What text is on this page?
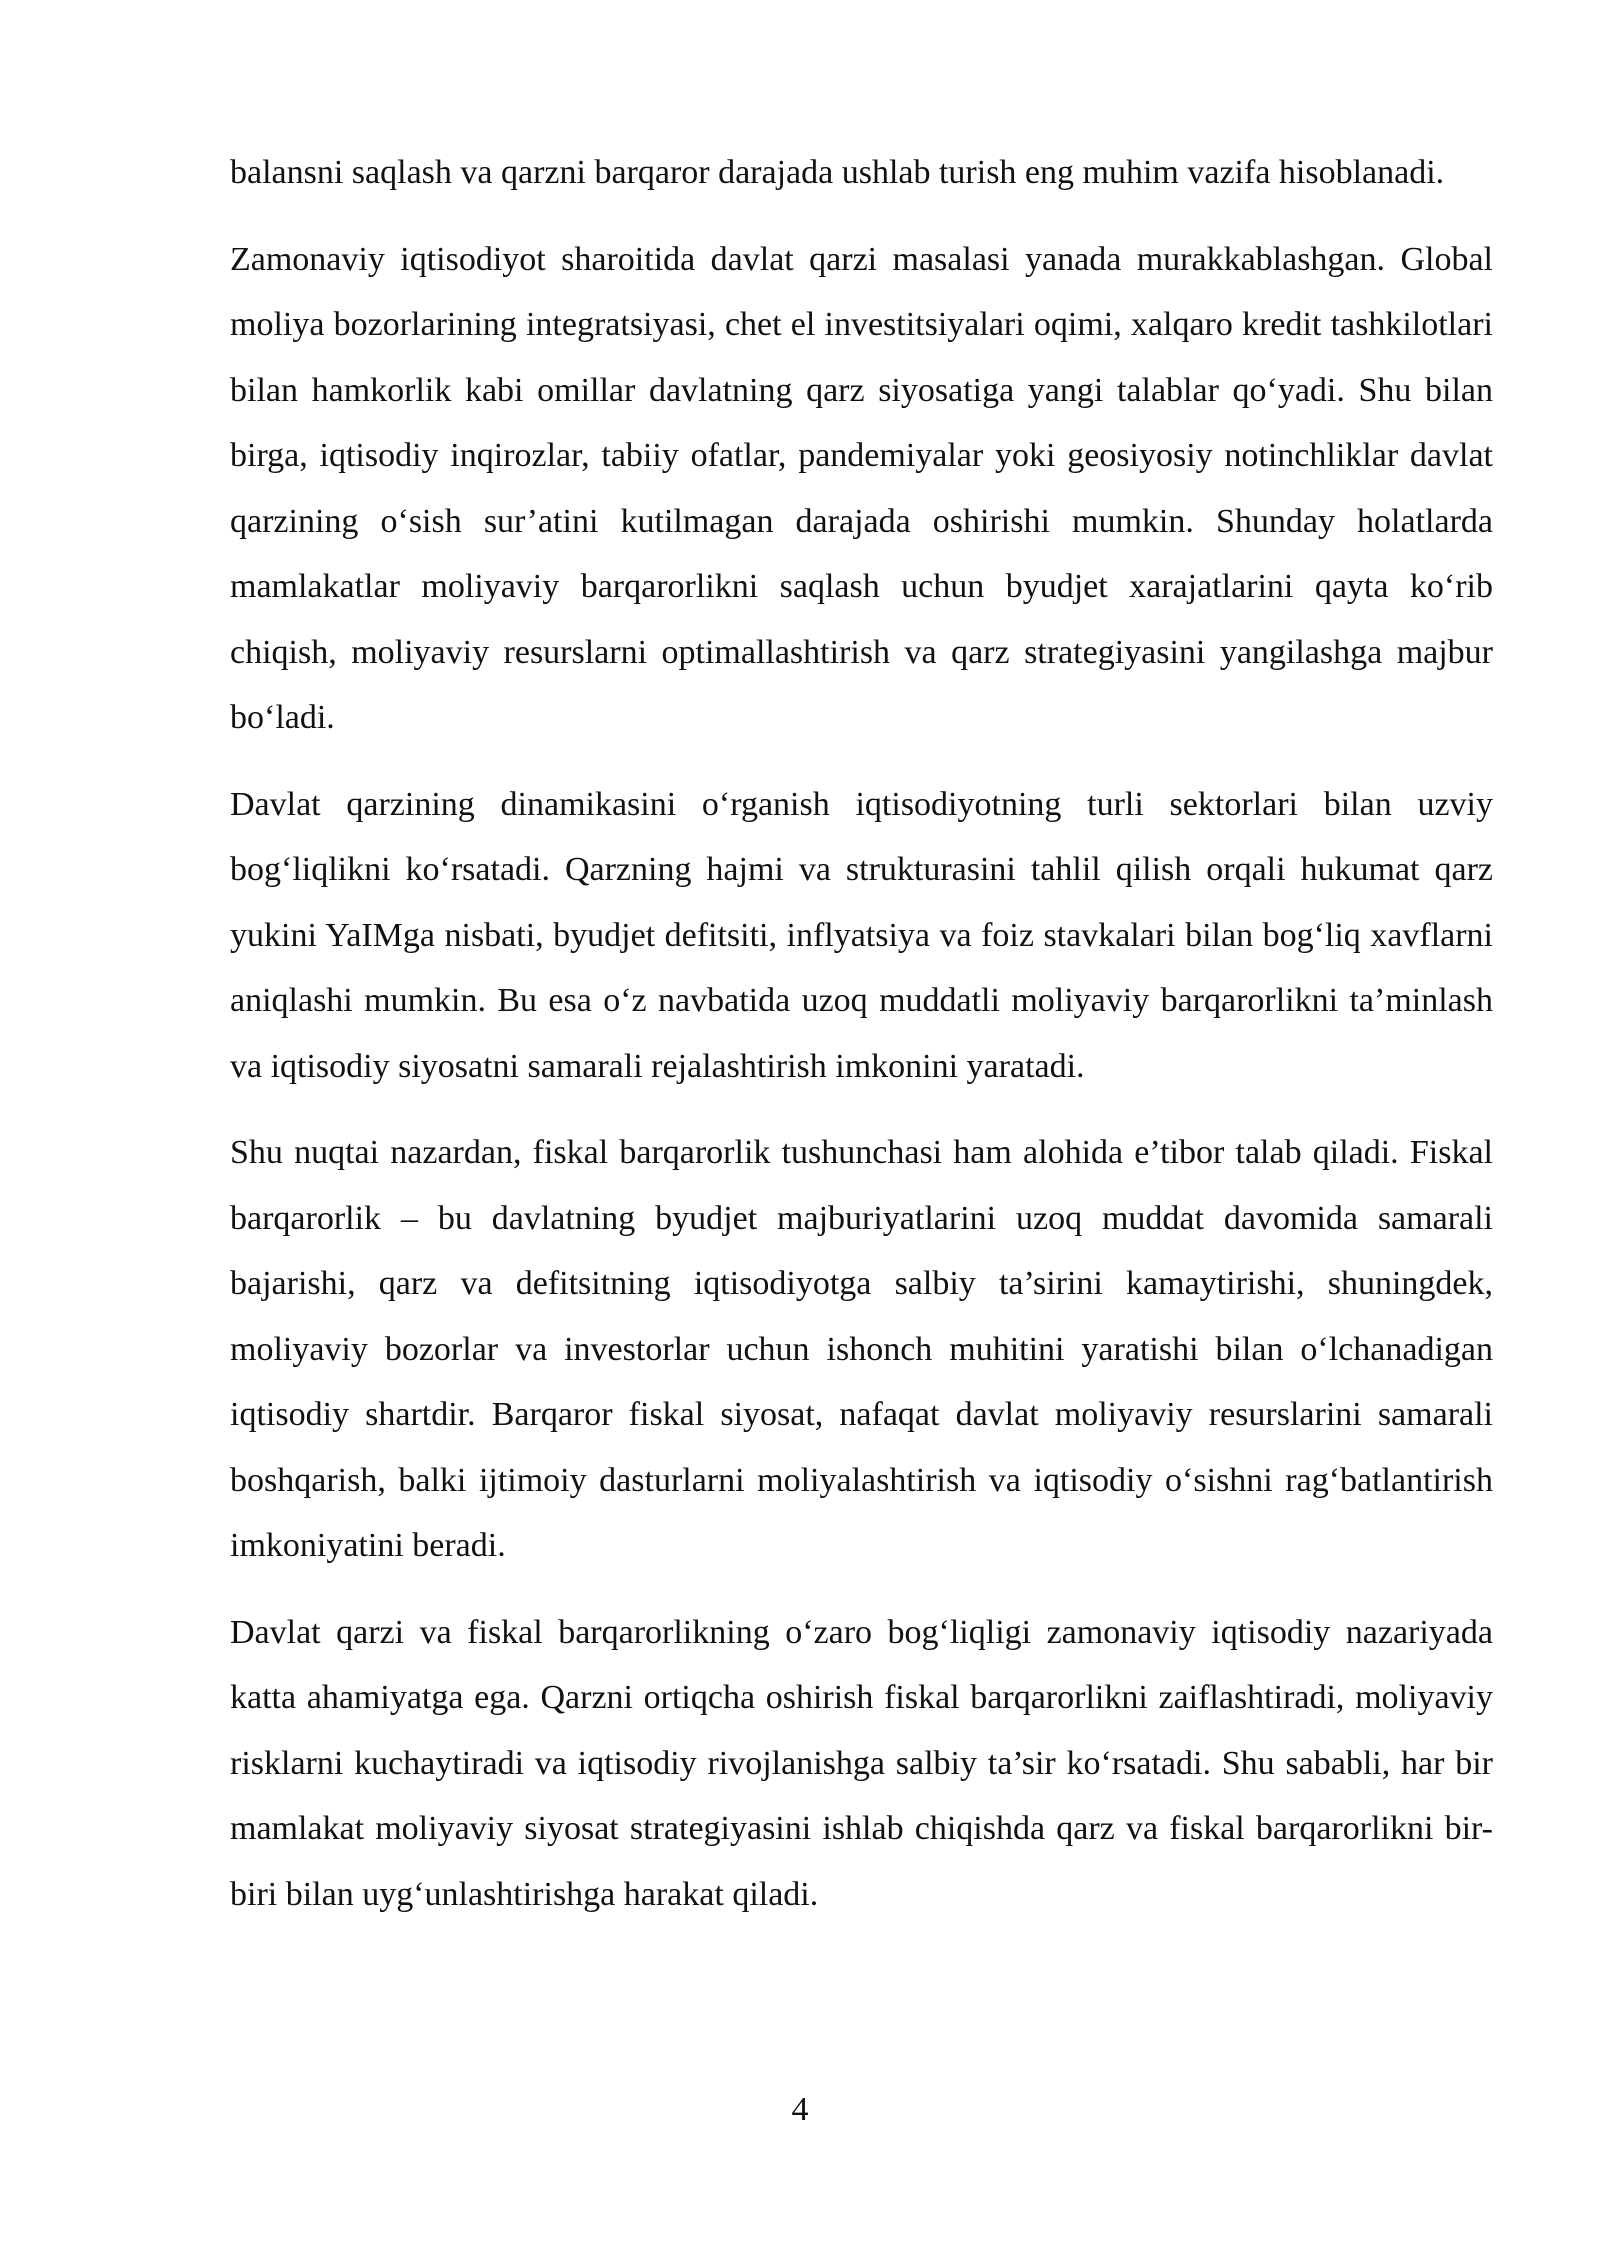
balansni saqlash va qarzni barqaror darajada ushlab turish eng muhim vazifa hisoblanadi.

Zamonaviy iqtisodiyot sharoitida davlat qarzi masalasi yanada murakkablashgan. Global moliya bozorlarining integratsiyasi, chet el investitsiyalari oqimi, xalqaro kredit tashkilotlari bilan hamkorlik kabi omillar davlatning qarz siyosatiga yangi talablar qo‘yadi. Shu bilan birga, iqtisodiy inqirozlar, tabiiy ofatlar, pandemiyalar yoki geosiyosiy notinchliklar davlat qarzining o‘sish sur’atini kutilmagan darajada oshirishi mumkin. Shunday holatlarda mamlakatlar moliyaviy barqarorlikni saqlash uchun byudjet xarajatlarini qayta ko‘rib chiqish, moliyaviy resurslarni optimallashtirish va qarz strategiyasini yangilashga majbur bo‘ladi.

Davlat qarzining dinamikasini o‘rganish iqtisodiyotning turli sektorlari bilan uzviy bog‘liqlikni ko‘rsatadi. Qarzning hajmi va strukturasini tahlil qilish orqali hukumat qarz yukini YaIMga nisbati, byudjet defitsiti, inflyatsiya va foiz stavkalari bilan bog‘liq xavflarni aniqlashi mumkin. Bu esa o‘z navbatida uzoq muddatli moliyaviy barqarorlikni ta’minlash va iqtisodiy siyosatni samarali rejalashtirish imkonini yaratadi.

Shu nuqtai nazardan, fiskal barqarorlik tushunchasi ham alohida e’tibor talab qiladi. Fiskal barqarorlik – bu davlatning byudjet majburiyatlarini uzoq muddat davomida samarali bajarishi, qarz va defitsitning iqtisodiyotga salbiy ta’sirini kamaytirishi, shuningdek, moliyaviy bozorlar va investorlar uchun ishonch muhitini yaratishi bilan o‘lchanadigan iqtisodiy shartdir. Barqaror fiskal siyosat, nafaqat davlat moliyaviy resurslarini samarali boshqarish, balki ijtimoiy dasturlarni moliyalashtirish va iqtisodiy o‘sishni rag‘batlantirish imkoniyatini beradi.

Davlat qarzi va fiskal barqarorlikning o‘zaro bog‘liqligi zamonaviy iqtisodiy nazariyada katta ahamiyatga ega. Qarzni ortiqcha oshirish fiskal barqarorlikni zaiflashtiradi, moliyaviy risklarni kuchaytiradi va iqtisodiy rivojlanishga salbiy ta’sir ko‘rsatadi. Shu sababli, har bir mamlakat moliyaviy siyosat strategiyasini ishlab chiqishda qarz va fiskal barqarorlikni bir-biri bilan uyg‘unlashtirishga harakat qiladi.

4
